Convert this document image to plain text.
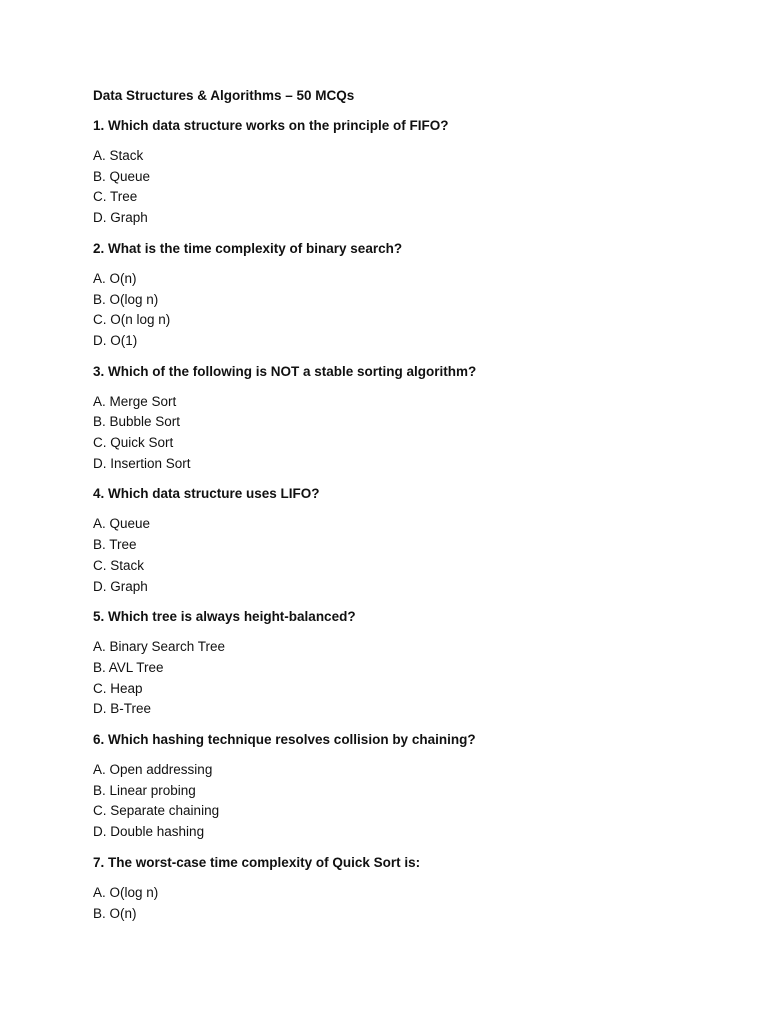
Data Structures & Algorithms – 50 MCQs
1. Which data structure works on the principle of FIFO?
A. Stack
B. Queue
C. Tree
D. Graph
2. What is the time complexity of binary search?
A. O(n)
B. O(log n)
C. O(n log n)
D. O(1)
3. Which of the following is NOT a stable sorting algorithm?
A. Merge Sort
B. Bubble Sort
C. Quick Sort
D. Insertion Sort
4. Which data structure uses LIFO?
A. Queue
B. Tree
C. Stack
D. Graph
5. Which tree is always height-balanced?
A. Binary Search Tree
B. AVL Tree
C. Heap
D. B-Tree
6. Which hashing technique resolves collision by chaining?
A. Open addressing
B. Linear probing
C. Separate chaining
D. Double hashing
7. The worst-case time complexity of Quick Sort is:
A. O(log n)
B. O(n)
